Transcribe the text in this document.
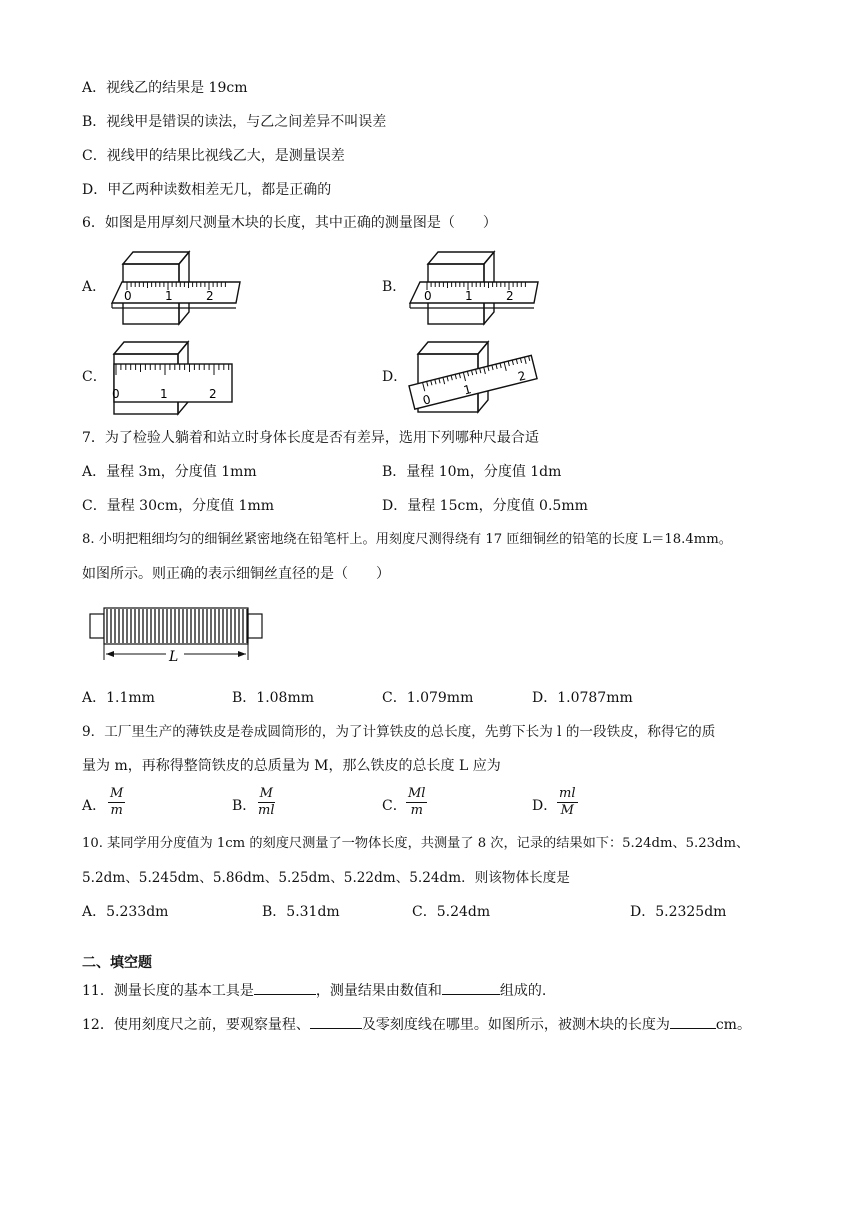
A．视线乙的结果是 19cm
B．视线甲是错误的读法，与乙之间差异不叫误差
C．视线甲的结果比视线乙大，是测量误差
D．甲乙两种读数相差无几，都是正确的
6．如图是用厚刻尺测量木块的长度，其中正确的测量图是（　　）
A．
0	1	2
B．
0	1	2
C．
0	1	2
D．
0
1
2
7．为了检验人躺着和站立时身体长度是否有差异，选用下列哪种尺最合适
A．量程 3m，分度值 1mm	B．量程 10m，分度值 1dm
C．量程 30cm，分度值 1mm	D．量程 15cm，分度值 0.5mm
8. 小明把粗细均匀的细铜丝紧密地绕在铅笔杆上。用刻度尺测得绕有 17 匝细铜丝的铅笔的长度 L＝18.4mm。
如图所示。则正确的表示细铜丝直径的是（　　）
L
A．1.1mm	B．1.08mm	C．1.079mm	D．1.0787mm
9．工厂里生产的薄铁皮是卷成圆筒形的，为了计算铁皮的总长度，先剪下长为 l 的一段铁皮，称得它的质
量为 m，再称得整筒铁皮的总质量为 M，那么铁皮的总长度 L 应为
A． $\frac{M}{m}$	B． $\frac{M}{ml}$	C． $\frac{Ml}{m}$	D． $\frac{ml}{M}$
10. 某同学用分度值为 1cm 的刻度尺测量了一物体长度，共测量了 8 次，记录的结果如下：5.24dm、5.23dm、
5.2dm、5.245dm、5.86dm、5.25dm、5.22dm、5.24dm．则该物体长度是
A．5.233dm	B．5.31dm	C．5.24dm	D．5.2325dm
二、填空题
11．测量长度的基本工具是	，测量结果由数值和	组成的.
12．使用刻度尺之前，要观察量程、	及零刻度线在哪里。如图所示，被测木块的长度为	cm。
